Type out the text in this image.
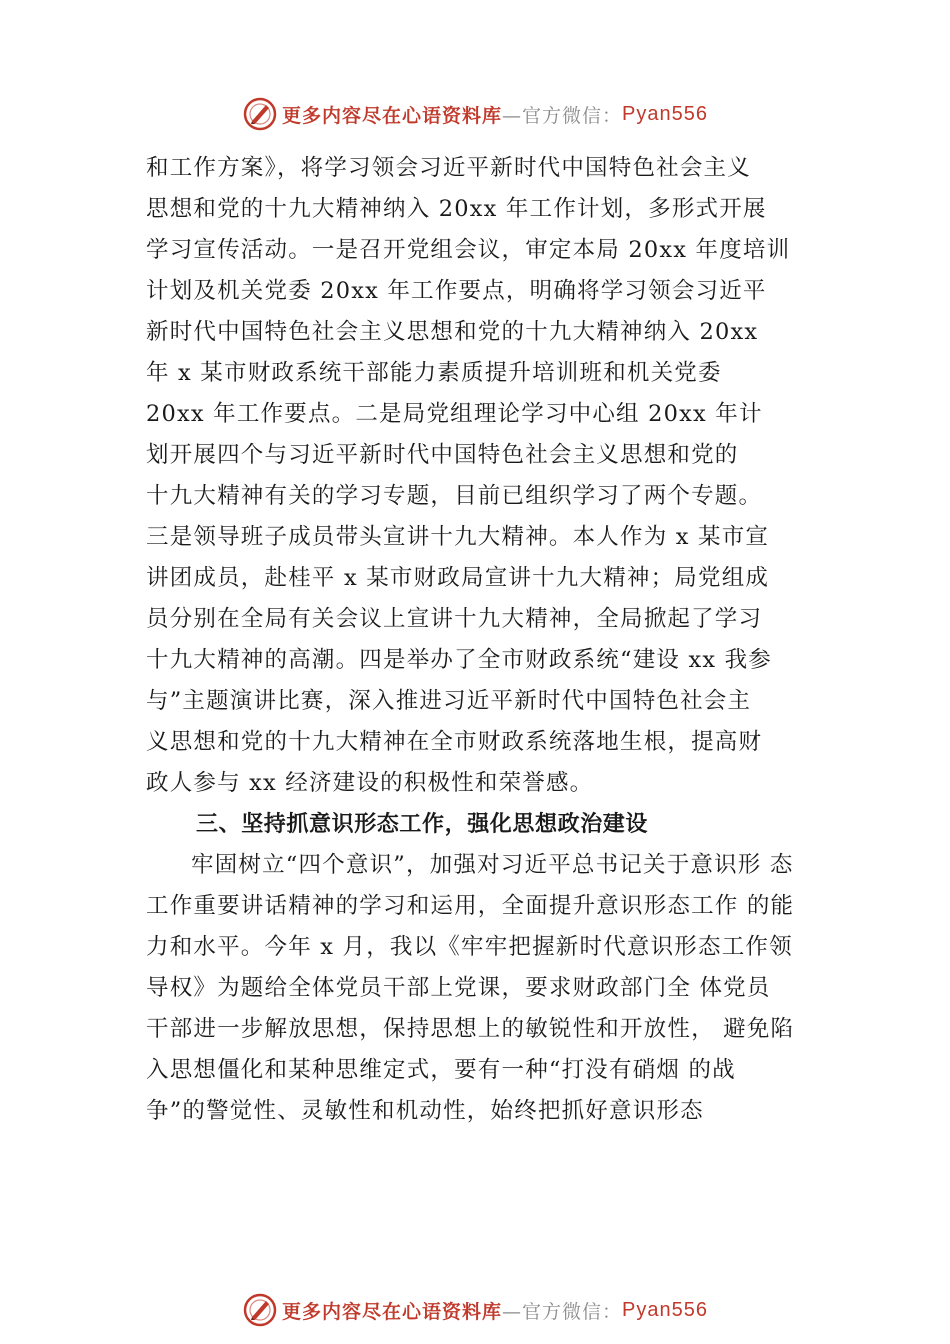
更多内容尽在心语资料库 —官方微信： Pyan556
和工作方案》，将学习领会习近平新时代中国特色社会主义
思想和党的十九大精神纳入 20xx 年工作计划，多形式开展
学习宣传活动。一是召开党组会议，审定本局 20xx 年度培训
计划及机关党委 20xx 年工作要点，明确将学习领会习近平
新时代中国特色社会主义思想和党的十九大精神纳入 20xx
年 x 某市财政系统干部能力素质提升培训班和机关党委
20xx 年工作要点。二是局党组理论学习中心组 20xx 年计
划开展四个与习近平新时代中国特色社会主义思想和党的
十九大精神有关的学习专题，目前已组织学习了两个专题。
三是领导班子成员带头宣讲十九大精神。本人作为 x 某市宣
讲团成员，赴桂平 x 某市财政局宣讲十九大精神；局党组成
员分别在全局有关会议上宣讲十九大精神，全局掀起了学习
十九大精神的高潮。四是举办了全市财政系统“建设 xx 我参
与”主题演讲比赛，深入推进习近平新时代中国特色社会主
义思想和党的十九大精神在全市财政系统落地生根，提高财
政人参与 xx 经济建设的积极性和荣誉感。
三、坚持抓意识形态工作，强化思想政治建设
牢固树立“四个意识”，加强对习近平总书记关于意识形 态
工作重要讲话精神的学习和运用，全面提升意识形态工作 的能
力和水平。今年 x 月，我以《牢牢把握新时代意识形态工作领
导权》为题给全体党员干部上党课，要求财政部门全 体党员
干部进一步解放思想，保持思想上的敏锐性和开放性， 避免陷
入思想僵化和某种思维定式，要有一种“打没有硝烟 的战
争”的警觉性、灵敏性和机动性，始终把抓好意识形态
更多内容尽在心语资料库 —官方微信： Pyan556
